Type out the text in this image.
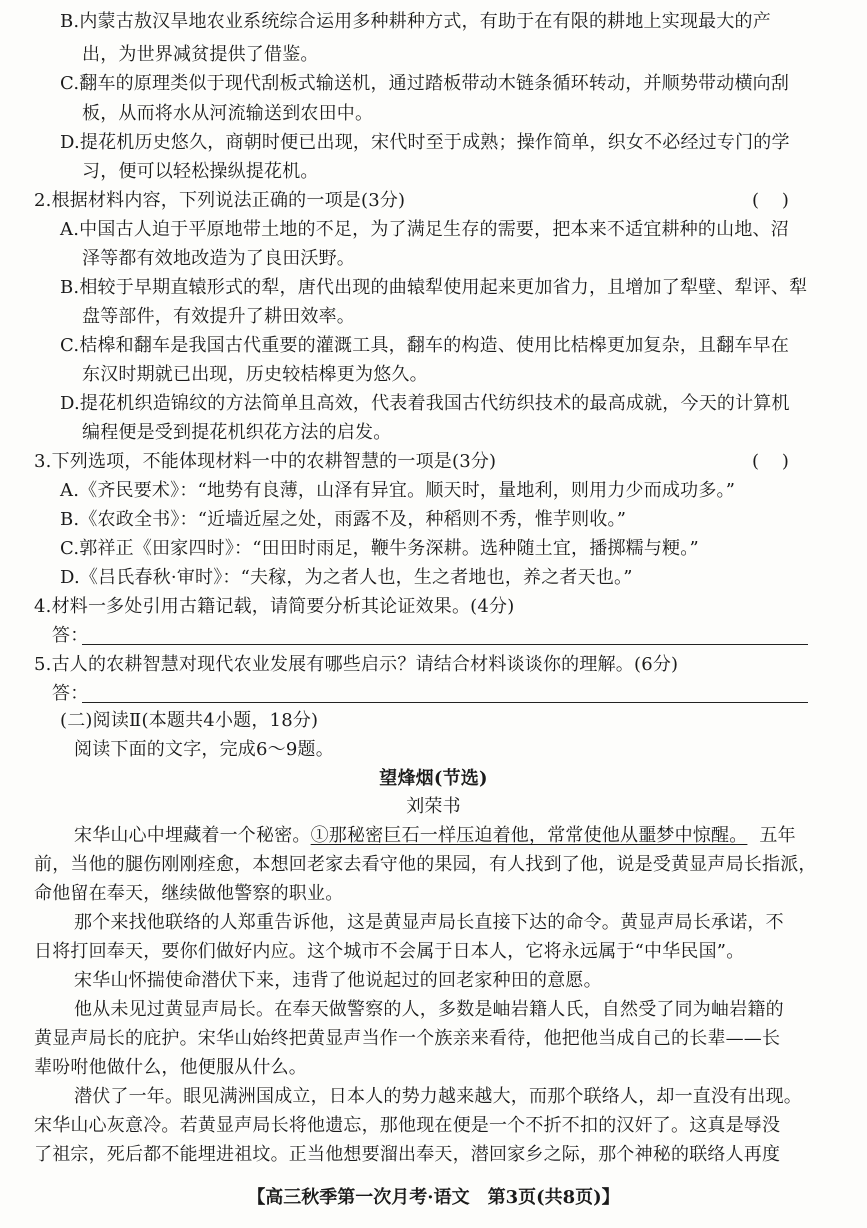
B.内蒙古敖汉旱地农业系统综合运用多种耕种方式，有助于在有限的耕地上实现最大的产
出，为世界减贫提供了借鉴。
C.翻车的原理类似于现代刮板式输送机，通过踏板带动木链条循环转动，并顺势带动横向刮
板，从而将水从河流输送到农田中。
D.提花机历史悠久，商朝时便已出现，宋代时至于成熟；操作简单，织女不必经过专门的学
习，便可以轻松操纵提花机。
2.根据材料内容，下列说法正确的一项是(3分)	(    )
A.中国古人迫于平原地带土地的不足，为了满足生存的需要，把本来不适宜耕种的山地、沼
泽等都有效地改造为了良田沃野。
B.相较于早期直辕形式的犁，唐代出现的曲辕犁使用起来更加省力，且增加了犁壁、犁评、犁
盘等部件，有效提升了耕田效率。
C.桔槔和翻车是我国古代重要的灌溉工具，翻车的构造、使用比桔槔更加复杂，且翻车早在
东汉时期就已出现，历史较桔槔更为悠久。
D.提花机织造锦纹的方法简单且高效，代表着我国古代纺织技术的最高成就，今天的计算机
编程便是受到提花机织花方法的启发。
3.下列选项，不能体现材料一中的农耕智慧的一项是(3分)	(    )
A.《齐民要术》：“地势有良薄，山泽有异宜。顺天时，量地利，则用力少而成功多。”
B.《农政全书》：“近墙近屋之处，雨露不及，种稻则不秀，惟芋则收。”
C.郭祥正《田家四时》：“田田时雨足，鞭牛务深耕。选种随土宜，播掷糯与粳。”
D.《吕氏春秋·审时》：“夫稼，为之者人也，生之者地也，养之者天也。”
4.材料一多处引用古籍记载，请简要分析其论证效果。(4分)
答：
5.古人的农耕智慧对现代农业发展有哪些启示？请结合材料谈谈你的理解。(6分)
答：
(二)阅读Ⅱ(本题共4小题，18分)
阅读下面的文字，完成6～9题。
望烽烟(节选)
刘荣书
宋华山心中埋藏着一个秘密。①那秘密巨石一样压迫着他，常常使他从噩梦中惊醒。 五年
前，当他的腿伤刚刚痊愈，本想回老家去看守他的果园，有人找到了他，说是受黄显声局长指派，
命他留在奉天，继续做他警察的职业。
那个来找他联络的人郑重告诉他，这是黄显声局长直接下达的命令。黄显声局长承诺，不
日将打回奉天，要你们做好内应。这个城市不会属于日本人，它将永远属于“中华民国”。
宋华山怀揣使命潜伏下来，违背了他说起过的回老家种田的意愿。
他从未见过黄显声局长。在奉天做警察的人，多数是岫岩籍人氏，自然受了同为岫岩籍的
黄显声局长的庇护。宋华山始终把黄显声当作一个族亲来看待，他把他当成自己的长辈——长
辈吩咐他做什么，他便服从什么。
潜伏了一年。眼见满洲国成立，日本人的势力越来越大，而那个联络人，却一直没有出现。
宋华山心灰意冷。若黄显声局长将他遗忘，那他现在便是一个不折不扣的汉奸了。这真是辱没
了祖宗，死后都不能埋进祖坟。正当他想要溜出奉天，潜回家乡之际，那个神秘的联络人再度
【高三秋季第一次月考·语文　第3页(共8页)】
